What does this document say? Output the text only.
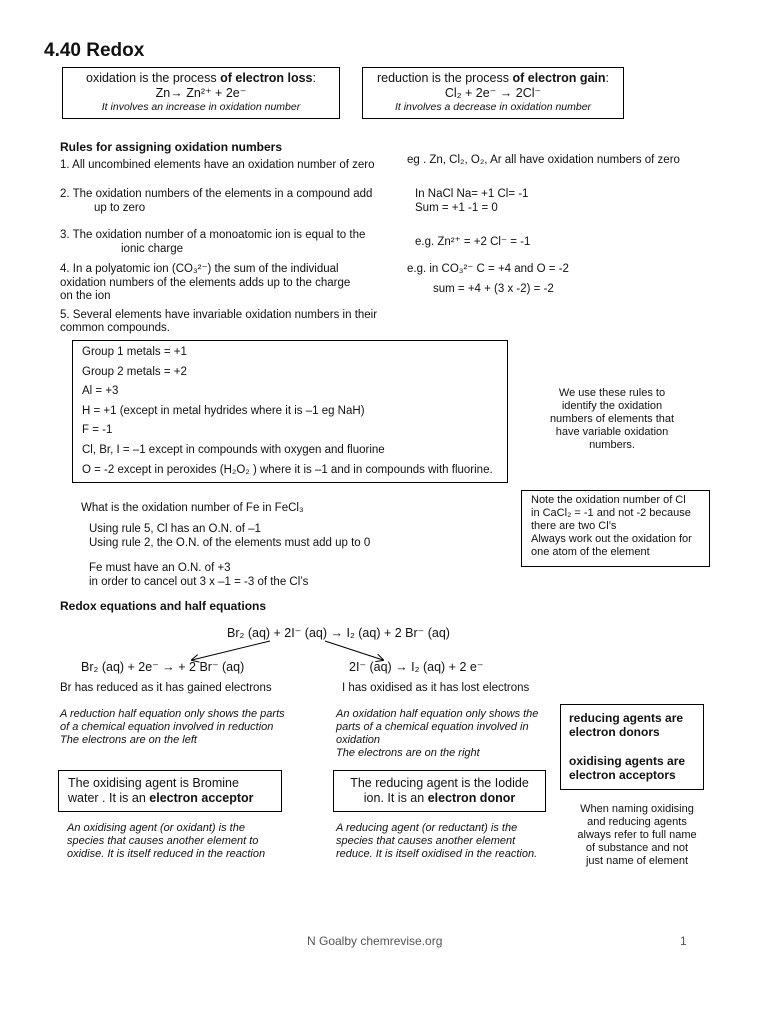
4.40 Redox
oxidation is the process of electron loss:
Zn→ Zn²⁺ + 2e⁻
It involves an increase in oxidation number
reduction is the process of electron gain:
Cl₂ + 2e⁻ → 2Cl⁻
It involves a decrease in oxidation number
Rules for assigning oxidation numbers
1. All uncombined elements have an oxidation number of zero
2. The oxidation numbers of the elements in a compound add
up to zero
3. The oxidation number of a monoatomic ion is equal to the
ionic charge
4. In a polyatomic ion (CO₃²⁻) the sum of the individual
oxidation numbers of the elements adds up to the charge
on the ion
5. Several elements have invariable oxidation numbers in their
common compounds.
eg . Zn, Cl₂, O₂, Ar all have oxidation numbers of zero
In NaCl Na= +1 Cl= -1
Sum = +1 -1 = 0
e.g. Zn²⁺ = +2 Cl⁻ = -1
e.g. in CO₃²⁻ C = +4 and O = -2
sum = +4 + (3 x -2) = -2
Group 1 metals = +1
Group 2 metals = +2
Al = +3
H = +1 (except in metal hydrides where it is –1 eg NaH)
F = -1
Cl, Br, I = –1 except in compounds with oxygen and fluorine
O = -2 except in peroxides (H₂O₂ ) where it is –1 and in compounds with fluorine.
We use these rules to
identify the oxidation
numbers of elements that
have variable oxidation
numbers.
What is the oxidation number of Fe in FeCl₃
Using rule 5, Cl has an O.N. of –1
Using rule 2, the O.N. of the elements must add up to 0
Fe must have an O.N. of +3
in order to cancel out 3 x –1 = -3 of the Cl’s
Note the oxidation number of Cl
in CaCl₂ = -1 and not -2 because
there are two Cl’s
Always work out the oxidation for
one atom of the element
Redox equations and half equations
Br₂ (aq) + 2I⁻ (aq) → I₂ (aq) + 2 Br⁻ (aq)
Br₂ (aq) + 2e⁻ → + 2 Br⁻ (aq)	2I⁻ (aq) → I₂ (aq) + 2 e⁻
Br has reduced as it has gained electrons	I has oxidised as it has lost electrons
A reduction half equation only shows the parts
of a chemical equation involved in reduction
The electrons are on the left
An oxidation half equation only shows the
parts of a chemical equation involved in
oxidation
The electrons are on the right
reducing agents are
electron donors
oxidising agents are
electron acceptors
The oxidising agent is Bromine
water . It is an electron acceptor
The reducing agent is the Iodide
ion. It is an electron donor
When naming oxidising
and reducing agents
always refer to full name
of substance and not
just name of element
An oxidising agent (or oxidant) is the
species that causes another element to
oxidise. It is itself reduced in the reaction
A reducing agent (or reductant) is the
species that causes another element
reduce. It is itself oxidised in the reaction.
N Goalby chemrevise.org	1
